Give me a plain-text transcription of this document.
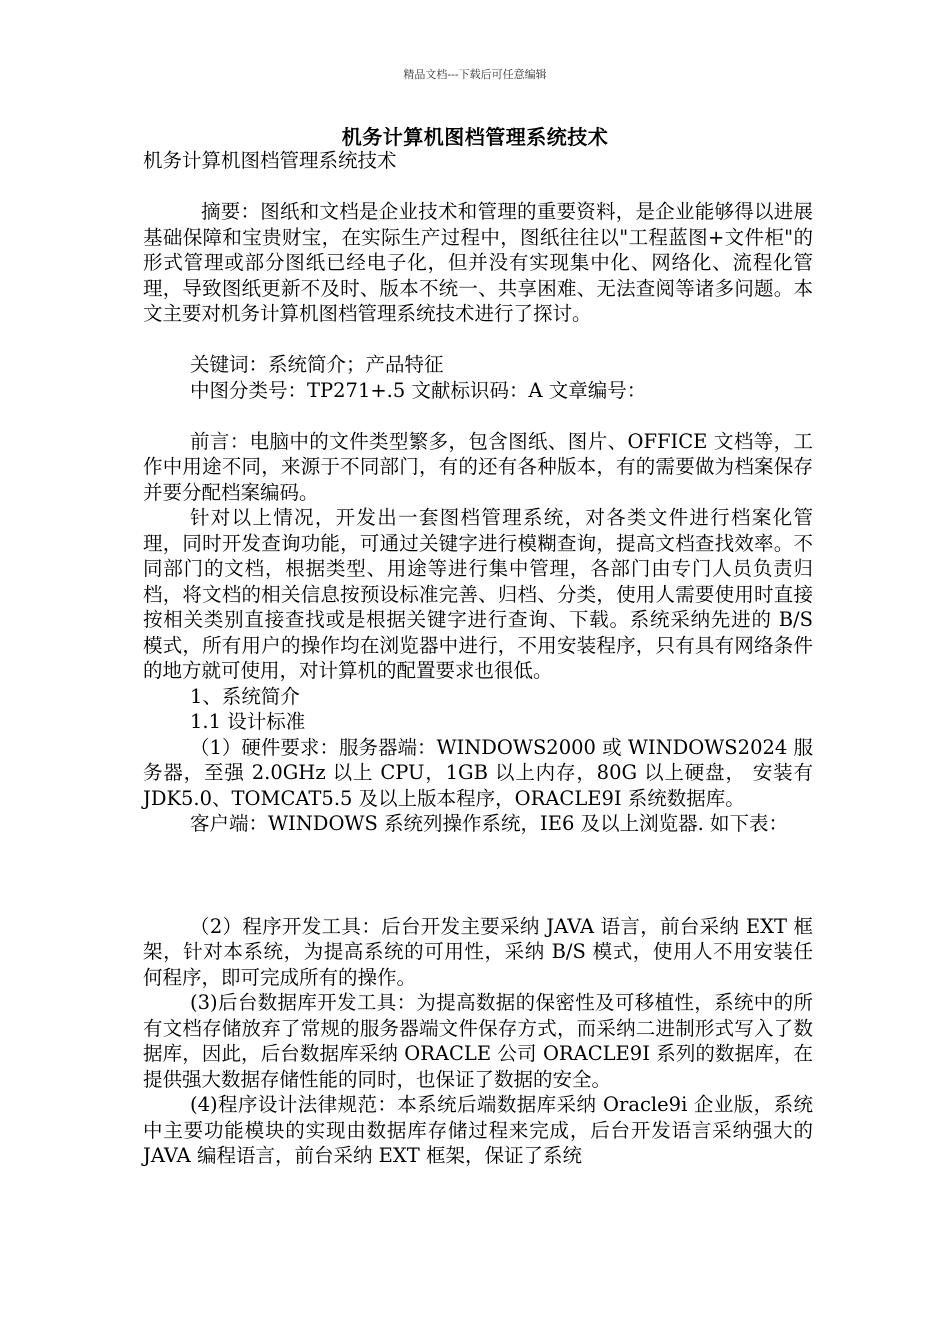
精品文档---下载后可任意编辑
机务计算机图档管理系统技术

机务计算机图档管理系统技术

摘要：图纸和文档是企业技术和管理的重要资料，是企业能够得以进展基础保障和宝贵财宝，在实际生产过程中，图纸往往以"工程蓝图+文件柜"的形式管理或部分图纸已经电子化，但并没有实现集中化、网络化、流程化管理，导致图纸更新不及时、版本不统一、共享困难、无法查阅等诸多问题。本文主要对机务计算机图档管理系统技术进行了探讨。

关键词：系统简介；产品特征

中图分类号：TP271+.5 文献标识码：A 文章编号：

前言：电脑中的文件类型繁多，包含图纸、图片、OFFICE 文档等，工作中用途不同，来源于不同部门，有的还有各种版本，有的需要做为档案保存并要分配档案编码。

针对以上情况，开发出一套图档管理系统，对各类文件进行档案化管理，同时开发查询功能，可通过关键字进行模糊查询，提高文档查找效率。不同部门的文档，根据类型、用途等进行集中管理，各部门由专门人员负责归档，将文档的相关信息按预设标准完善、归档、分类，使用人需要使用时直接按相关类别直接查找或是根据关键字进行查询、下载。系统采纳先进的 B/S 模式，所有用户的操作均在浏览器中进行，不用安装程序，只有具有网络条件的地方就可使用，对计算机的配置要求也很低。

1、系统简介

1.1 设计标准

（1）硬件要求：服务器端：WINDOWS2000 或 WINDOWS2024 服务器，至强 2.0GHz 以上 CPU，1GB 以上内存，80G 以上硬盘， 安装有 JDK5.0、TOMCAT5.5 及以上版本程序，ORACLE9I 系统数据库。

客户端：WINDOWS 系统列操作系统，IE6 及以上浏览器. 如下表：

（2）程序开发工具：后台开发主要采纳 JAVA 语言，前台采纳 EXT 框架，针对本系统，为提高系统的可用性，采纳 B/S 模式，使用人不用安装任何程序，即可完成所有的操作。

(3)后台数据库开发工具：为提高数据的保密性及可移植性，系统中的所有文档存储放弃了常规的服务器端文件保存方式，而采纳二进制形式写入了数据库，因此，后台数据库采纳 ORACLE 公司 ORACLE9I 系列的数据库，在提供强大数据存储性能的同时，也保证了数据的安全。

(4)程序设计法律规范：本系统后端数据库采纳 Oracle9i 企业版，系统中主要功能模块的实现由数据库存储过程来完成，后台开发语言采纳强大的 JAVA 编程语言，前台采纳 EXT 框架，保证了系统
